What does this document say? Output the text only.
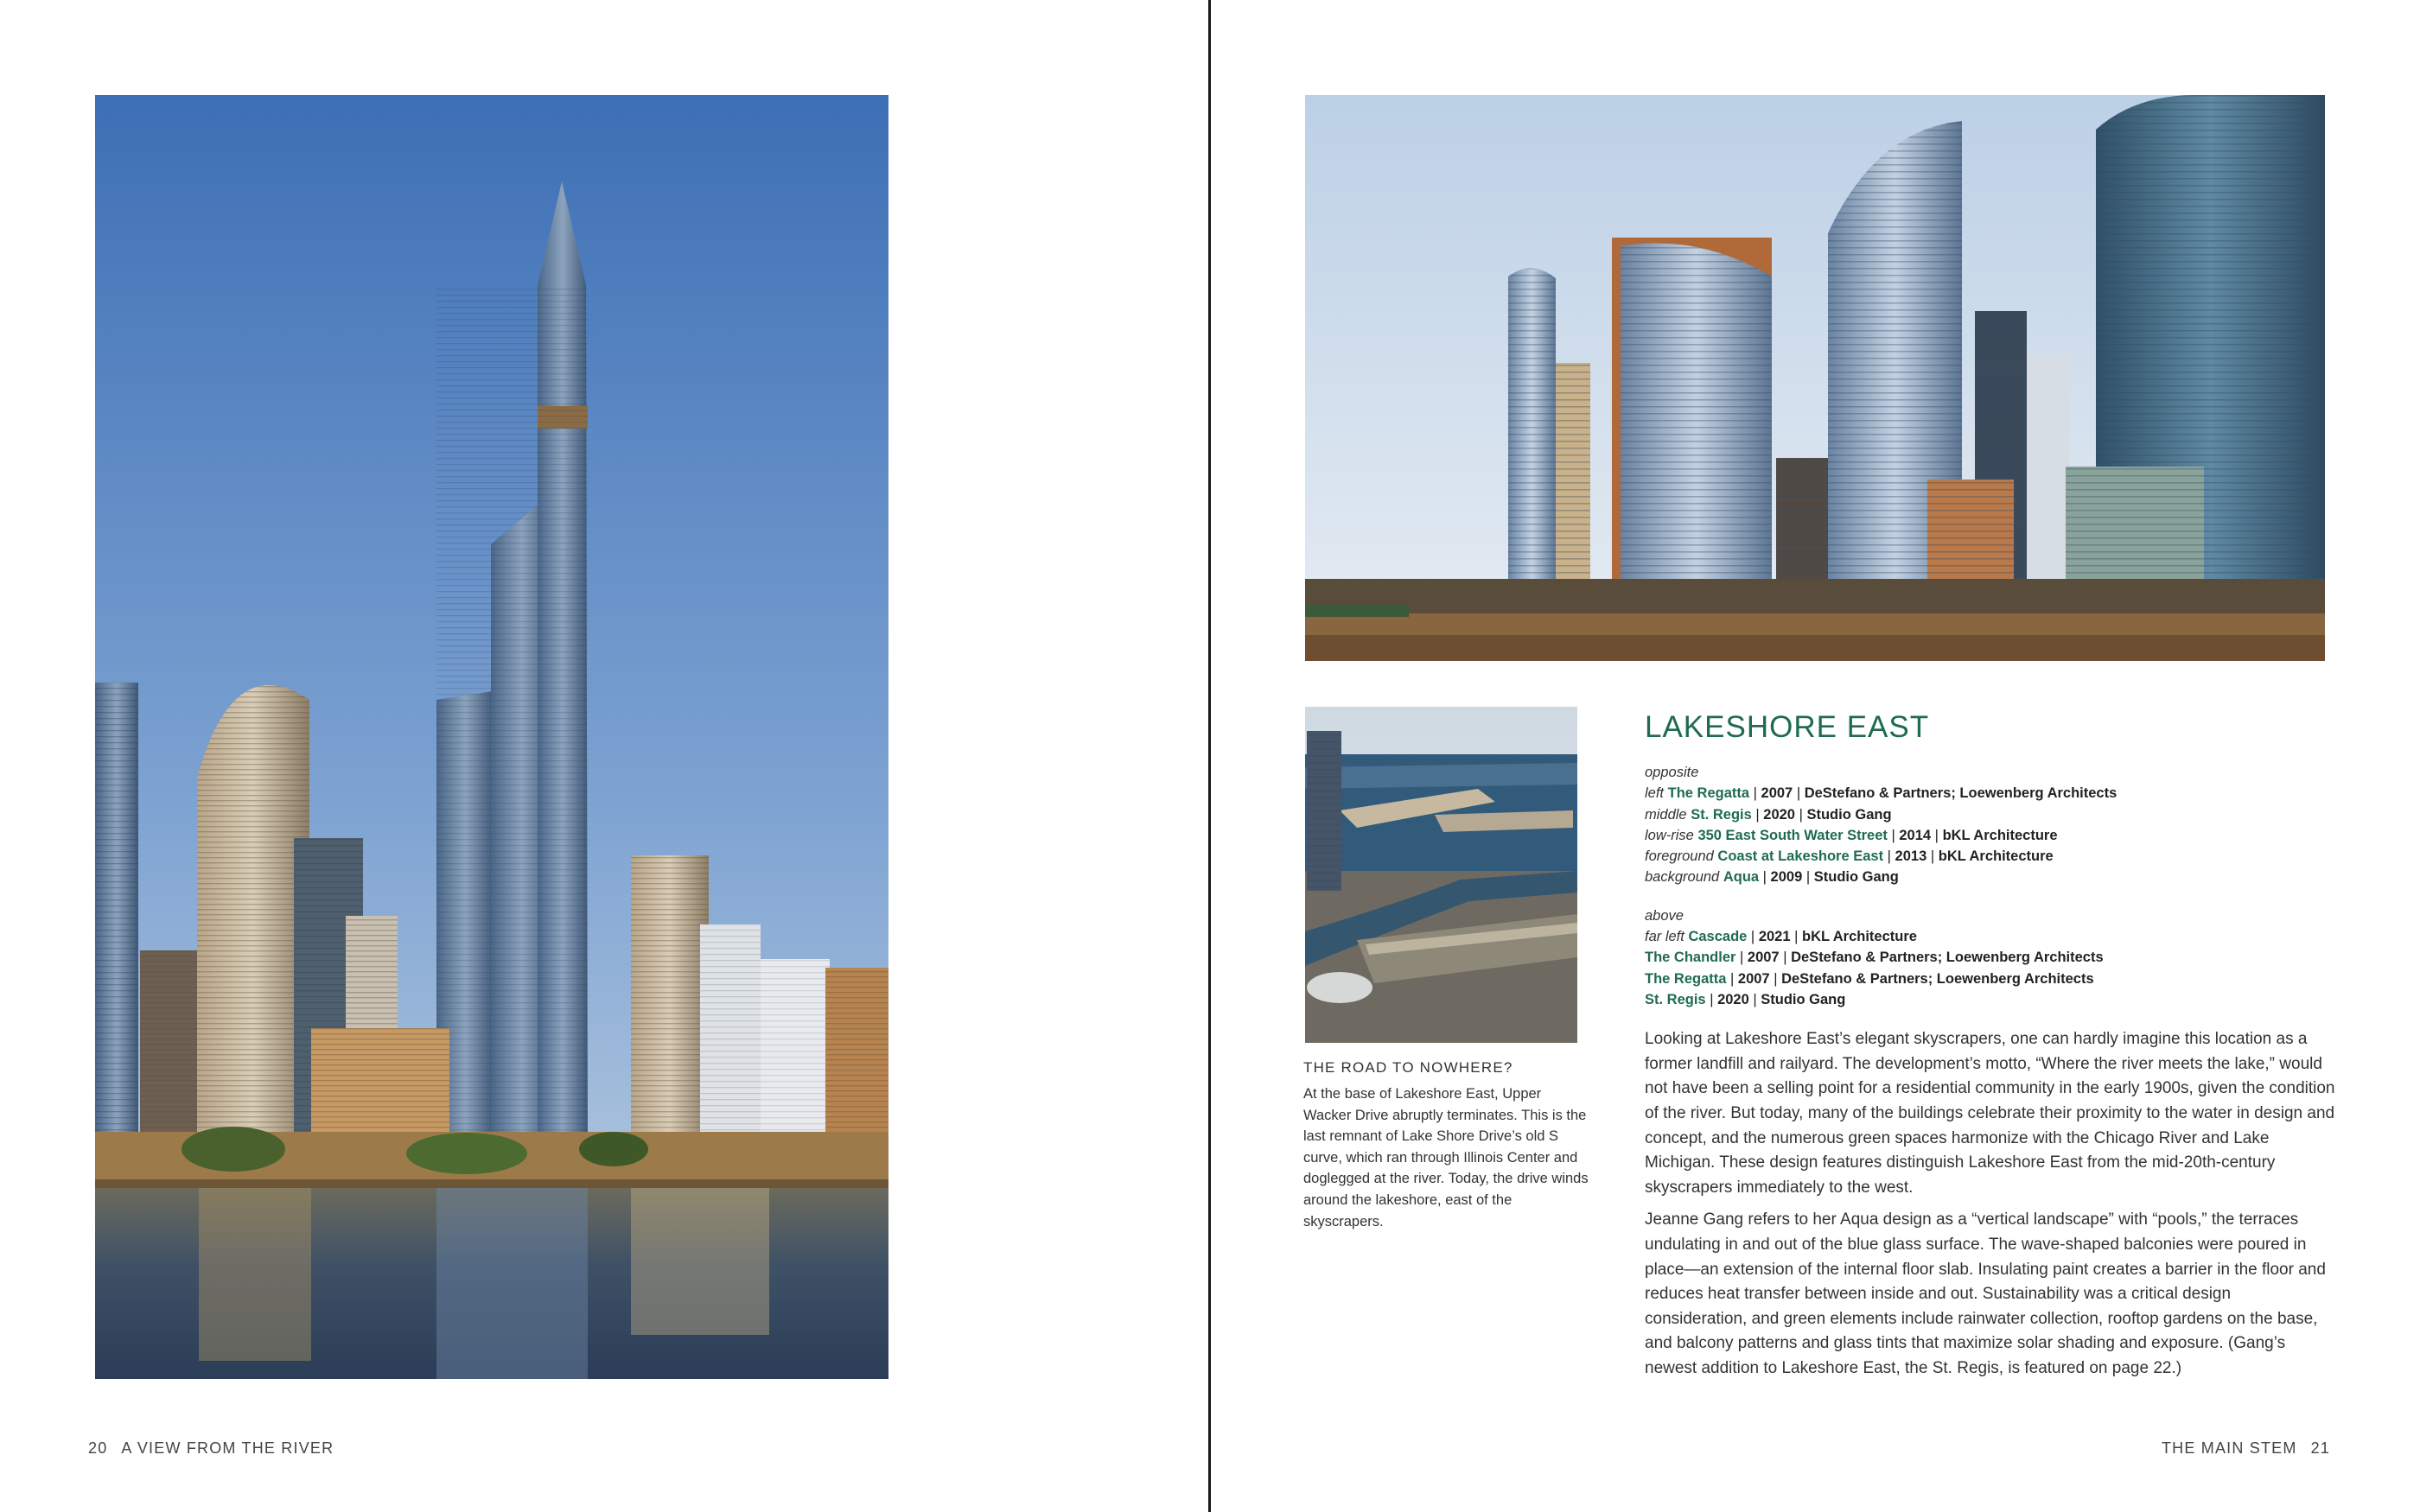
THE ROAD TO NOWHERE?

At the base of Lakeshore East, Upper Wacker Drive abruptly terminates. This is the last remnant of Lake Shore Drive’s old S curve, which ran through Illinois Center and doglegged at the river. Today, the drive winds around the lakeshore, east of the skyscrapers.

LAKESHORE EAST
opposite
left The Regatta | 2007 | DeStefano & Partners; Loewenberg Architects
middle St. Regis | 2020 | Studio Gang
low-rise 350 East South Water Street | 2014 | bKL Architecture
foreground Coast at Lakeshore East | 2013 | bKL Architecture
background Aqua | 2009 | Studio Gang
above
far left Cascade | 2021 | bKL Architecture
The Chandler | 2007 | DeStefano & Partners; Loewenberg Architects
The Regatta | 2007 | DeStefano & Partners; Loewenberg Architects
St. Regis | 2020 | Studio Gang

Looking at Lakeshore East’s elegant skyscrapers, one can hardly imagine this location as a former landfill and railyard. The development’s motto, “Where the river meets the lake,” would not have been a selling point for a residential community in the early 1900s, given the condition of the river. But today, many of the buildings celebrate their proximity to the water in design and concept, and the numerous green spaces harmonize with the Chicago River and Lake Michigan. These design features distinguish Lakeshore East from the mid-20th-century skyscrapers immediately to the west.

Jeanne Gang refers to her Aqua design as a “vertical landscape” with “pools,” the terraces undulating in and out of the blue glass surface. The wave-shaped balconies were poured in place—an extension of the internal floor slab. Insulating paint creates a barrier in the floor and reduces heat transfer between inside and out. Sustainability was a critical design consideration, and green elements include rainwater collection, rooftop gardens on the base, and balcony patterns and glass tints that maximize solar shading and exposure. (Gang’s newest addition to Lakeshore East, the St. Regis, is featured on page 22.)

20 A VIEW FROM THE RIVER	THE MAIN STEM 21
